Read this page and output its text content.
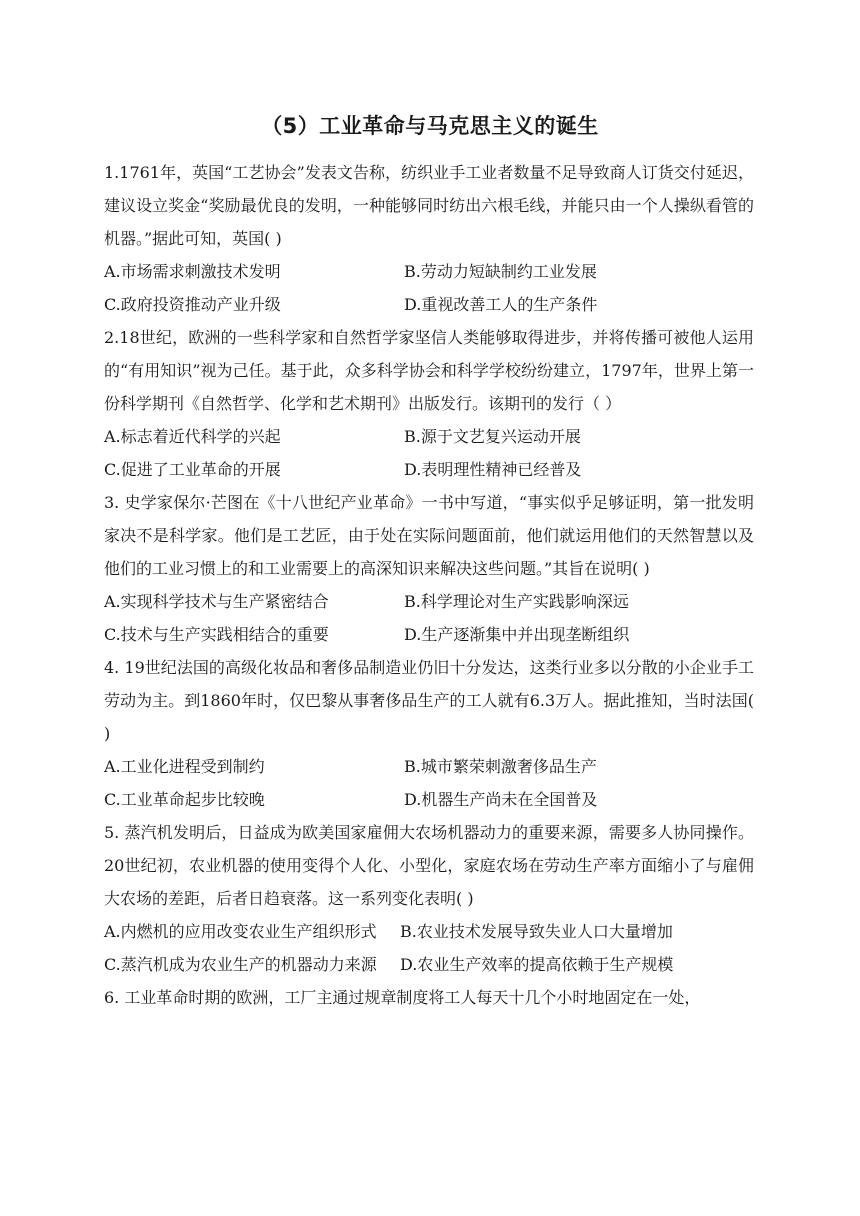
（5）工业革命与马克思主义的诞生

1.1761年，英国“工艺协会”发表文告称，纺织业手工业者数量不足导致商人订货交付延迟，建议设立奖金“奖励最优良的发明，一种能够同时纺出六根毛线，并能只由一个人操纵看管的机器。”据此可知，英国( )

A.市场需求刺激技术发明	B.劳动力短缺制约工业发展
C.政府投资推动产业升级	D.重视改善工人的生产条件

2.18世纪，欧洲的一些科学家和自然哲学家坚信人类能够取得进步，并将传播可被他人运用的“有用知识”视为己任。基于此，众多科学协会和科学学校纷纷建立，1797年，世界上第一份科学期刊《自然哲学、化学和艺术期刊》出版发行。该期刊的发行（ ）

A.标志着近代科学的兴起	B.源于文艺复兴运动开展
C.促进了工业革命的开展	D.表明理性精神已经普及

3. 史学家保尔·芒图在《十八世纪产业革命》一书中写道，“事实似乎足够证明，第一批发明家决不是科学家。他们是工艺匠，由于处在实际问题面前，他们就运用他们的天然智慧以及他们的工业习惯上的和工业需要上的高深知识来解决这些问题。”其旨在说明( )

A.实现科学技术与生产紧密结合	B.科学理论对生产实践影响深远
C.技术与生产实践相结合的重要	D.生产逐渐集中并出现垄断组织

4. 19世纪法国的高级化妆品和奢侈品制造业仍旧十分发达，这类行业多以分散的小企业手工劳动为主。到1860年时，仅巴黎从事奢侈品生产的工人就有6.3万人。据此推知，当时法国( )

A.工业化进程受到制约	B.城市繁荣刺激奢侈品生产
C.工业革命起步比较晚	D.机器生产尚未在全国普及

5. 蒸汽机发明后，日益成为欧美国家雇佣大农场机器动力的重要来源，需要多人协同操作。20世纪初，农业机器的使用变得个人化、小型化，家庭农场在劳动生产率方面缩小了与雇佣大农场的差距，后者日趋衰落。这一系列变化表明( )

A.内燃机的应用改变农业生产组织形式 B.农业技术发展导致失业人口大量增加
C.蒸汽机成为农业生产的机器动力来源 D.农业生产效率的提高依赖于生产规模

6. 工业革命时期的欧洲，工厂主通过规章制度将工人每天十几个小时地固定在一处，
